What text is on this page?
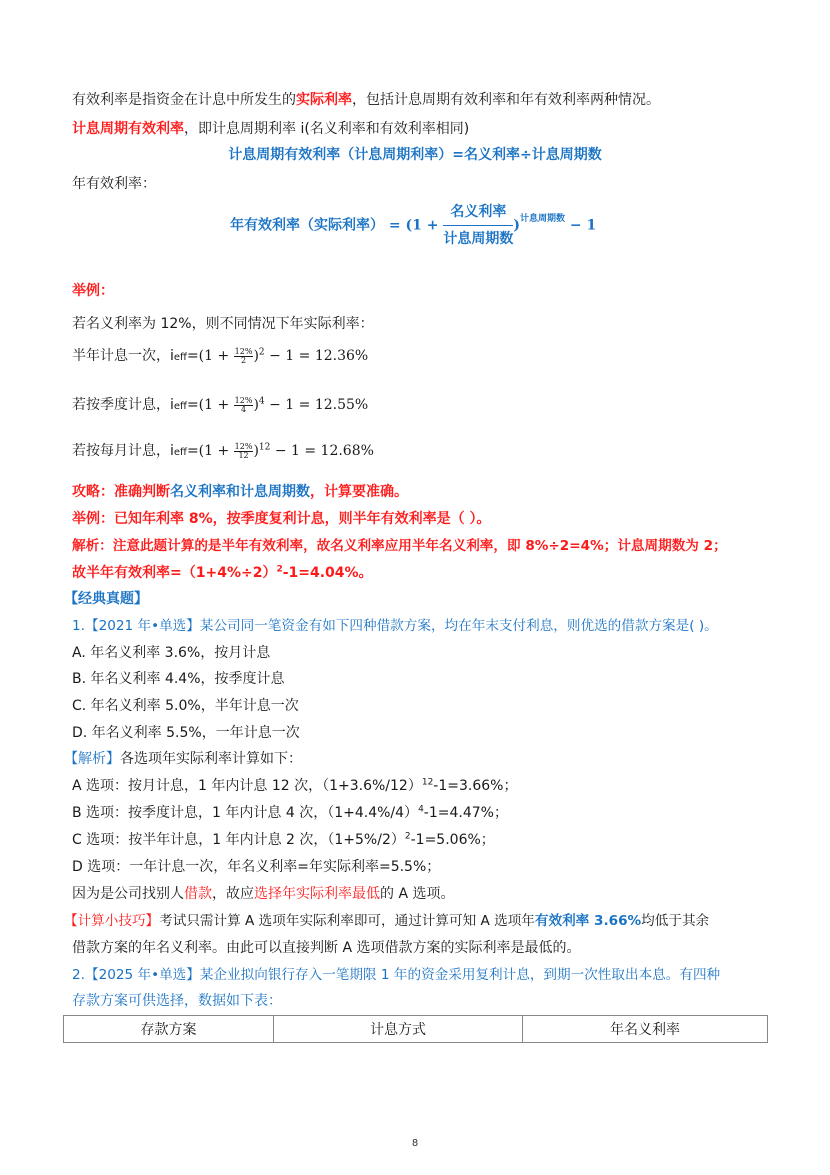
有效利率是指资金在计息中所发生的实际利率，包括计息周期有效利率和年有效利率两种情况。
计息周期有效利率，即计息周期利率 i(名义利率和有效利率相同)
计息周期有效利率（计息周期利率）=名义利率÷计息周期数
年有效利率：
年有效利率（实际利率） = $(1 + \frac{\text{名义利率}}{\text{计息周期数}} )^{计息周期数} - 1$
举例：
若名义利率为 12%，则不同情况下年实际利率：
半年计息一次，ieff=(1 + $\frac{12\%}{2} )^2 - 1 = 12.36\%$
若按季度计息，ieff=(1 + $\frac{12\%}{4} )^4 - 1 = 12.55\%$
若按每月计息，ieff=(1 + $\frac{12\%}{12} )^{12} - 1 = 12.68\%$
攻略：准确判断名义利率和计息周期数，计算要准确。
举例：已知年利率 8%，按季度复利计息，则半年有效利率是（ ）。
解析：注意此题计算的是半年有效利率，故名义利率应用半年名义利率，即 8%÷2=4%；计息周期数为 2；
故半年有效利率$=(1+4\%\div 2)^2-1=4.04\%$。
【经典真题】
1.【2021 年•单选】某公司同一笔资金有如下四种借款方案，均在年末支付利息，则优选的借款方案是( )。
A. 年名义利率 3.6%，按月计息
B. 年名义利率 4.4%，按季度计息
C. 年名义利率 5.0%，半年计息一次
D. 年名义利率 5.5%，一年计息一次
【解析】各选项年实际利率计算如下：
A 选项：按月计息，1 年内计息 12 次，$(1+3.6\%/12)^{12}-1=3.66\%$；
B 选项：按季度计息，1 年内计息 4 次，$(1+4.4\%/4)^4-1=4.47\%$；
C 选项：按半年计息，1 年内计息 2 次，$(1+5\%/2)^2-1=5.06\%$；
D 选项：一年计息一次，年名义利率=年实际利率=5.5%；
因为是公司找别人借款，故应选择年实际利率最低的 A 选项。
【计算小技巧】考试只需计算 A 选项年实际利率即可，通过计算可知 A 选项年有效利率 3.66%均低于其余
借款方案的年名义利率。由此可以直接判断 A 选项借款方案的实际利率是最低的。
2.【2025 年•单选】某企业拟向银行存入一笔期限 1 年的资金采用复利计息，到期一次性取出本息。有四种
存款方案可供选择，数据如下表：
存款方案	计息方式	年名义利率
8
